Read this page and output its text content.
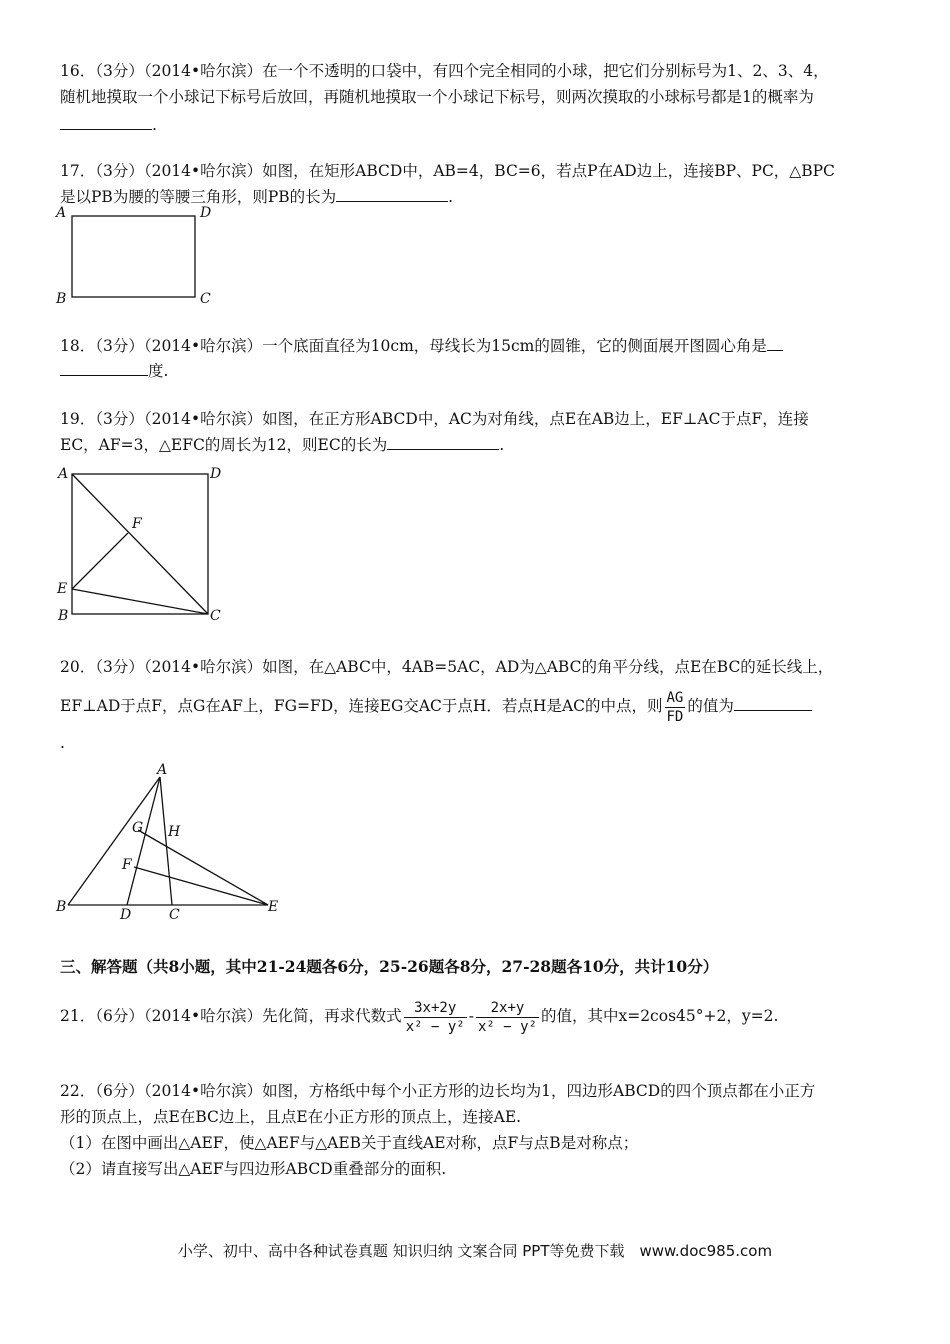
16．（3分）（2014•哈尔滨）在一个不透明的口袋中，有四个完全相同的小球，把它们分别标号为1、2、3、4，
随机地摸取一个小球记下标号后放回，再随机地摸取一个小球记下标号，则两次摸取的小球标号都是1的概率为
.
17．（3分）（2014•哈尔滨）如图，在矩形ABCD中，AB=4，BC=6，若点P在AD边上，连接BP、PC，△BPC
是以PB为腰的等腰三角形，则PB的长为	.
A	D
B	C
18．（3分）（2014•哈尔滨）一个底面直径为10cm，母线长为15cm的圆锥，它的侧面展开图圆心角是
度.
19．（3分）（2014•哈尔滨）如图，在正方形ABCD中，AC为对角线，点E在AB边上，EF⊥AC于点F，连接
EC，AF=3，△EFC的周长为12，则EC的长为	.
A	D
F
E
B	C
20．（3分）（2014•哈尔滨）如图，在△ABC中，4AB=5AC，AD为△ABC的角平分线，点E在BC的延长线上，
EF⊥AD于点F，点G在AF上，FG=FD，连接EG交AC于点H．若点H是AC的中点，则 $\frac{AG}{FD}$ 的值为
.
A
G H
F
B	D	C	E
三、解答题（共8小题，其中21-24题各6分，25-26题各8分，27-28题各10分，共计10分）
21．（6分）（2014•哈尔滨）先化简，再求代数式 $\frac{3x+2y}{\text{x² − y²}} - \frac{2x+y}{\text{x² − y²}}$ 的值，其中x=2cos45°+2，y=2.
22．（6分）（2014•哈尔滨）如图，方格纸中每个小正方形的边长均为1，四边形ABCD的四个顶点都在小正方
形的顶点上，点E在BC边上，且点E在小正方形的顶点上，连接AE.
（1）在图中画出△AEF，使△AEF与△AEB关于直线AE对称，点F与点B是对称点；
（2）请直接写出△AEF与四边形ABCD重叠部分的面积.
小学、初中、高中各种试卷真题 知识归纳 文案合同 PPT等免费下载　www.doc985.com
